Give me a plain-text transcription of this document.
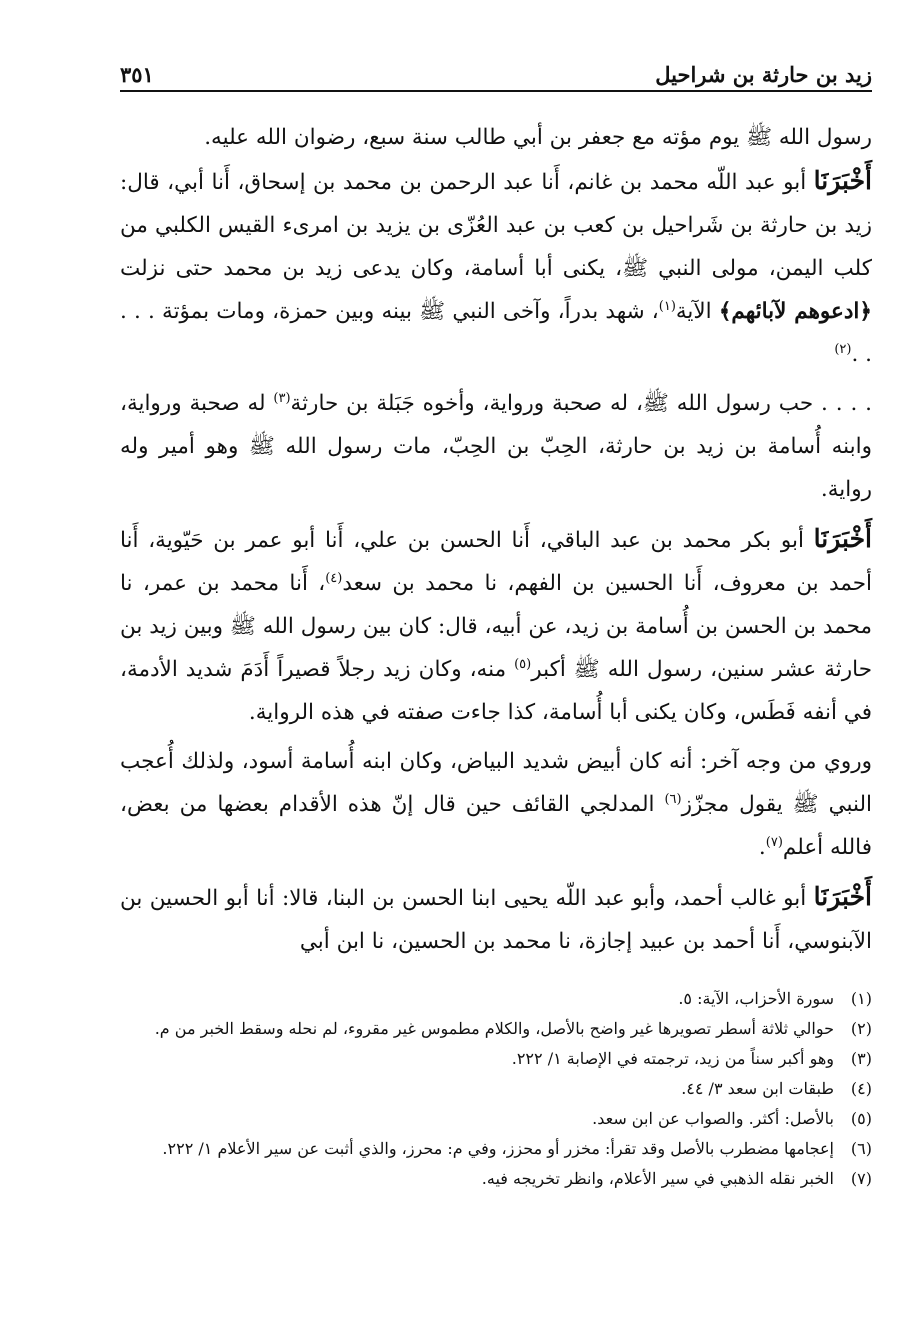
زيد بن حارثة بن شراحيل
٣٥١

رسول الله ﷺ يوم مؤته مع جعفر بن أبي طالب سنة سبع، رضوان الله عليه.

أَخْبَرَنَا أبو عبد اللّه محمد بن غانم، أَنا عبد الرحمن بن محمد بن إسحاق، أَنا أبي، قال: زيد بن حارثة بن شَراحيل بن كعب بن عبد العُزّى بن يزيد بن امرىء القيس الكلبي من كلب اليمن، مولى النبي ﷺ، يكنى أبا أسامة، وكان يدعى زيد بن محمد حتى نزلت ﴿ادعوهم لآبائهم﴾ الآية$^{(١)}$، شهد بدراً، وآخى النبي ﷺ بينه وبين حمزة، ومات بمؤتة . . . . .$^{(٢)}$

. . . . حب رسول الله ﷺ، له صحبة ورواية، وأخوه جَبَلة بن حارثة$^{(٣)}$ له صحبة ورواية، وابنه أُسامة بن زيد بن حارثة، الحِبّ بن الحِبّ، مات رسول الله ﷺ وهو أمير وله رواية.

أَخْبَرَنَا أبو بكر محمد بن عبد الباقي، أَنا الحسن بن علي، أَنا أبو عمر بن حَيّوية، أَنا أحمد بن معروف، أَنا الحسين بن الفهم، نا محمد بن سعد$^{(٤)}$، أَنا محمد بن عمر، نا محمد بن الحسن بن أُسامة بن زيد، عن أبيه، قال: كان بين رسول الله ﷺ وبين زيد بن حارثة عشر سنين، رسول الله ﷺ أكبر$^{(٥)}$ منه، وكان زيد رجلاً قصيراً أَدَمَ شديد الأدمة، في أنفه فَطَس، وكان يكنى أبا أُسامة، كذا جاءت صفته في هذه الرواية.

وروي من وجه آخر: أنه كان أبيض شديد البياض، وكان ابنه أُسامة أسود، ولذلك أُعجب النبي ﷺ يقول مجزّز$^{(٦)}$ المدلجي القائف حين قال إنّ هذه الأقدام بعضها من بعض، فالله أعلم$^{(٧)}$.

أَخْبَرَنَا أبو غالب أحمد، وأبو عبد اللّه يحيى ابنا الحسن بن البنا، قالا: أنا أبو الحسين بن الآبنوسي، أَنا أحمد بن عبيد إجازة، نا محمد بن الحسين، نا ابن أبي

(١)
سورة الأحزاب، الآية: ٥.
(٢)
حوالي ثلاثة أسطر تصويرها غير واضح بالأصل، والكلام مطموس غير مقروء، لم نحله وسقط الخبر من م.
(٣)
وهو أكبر سناً من زيد، ترجمته في الإصابة ١/ ٢٢٢.
(٤)
طبقات ابن سعد ٣/ ٤٤.
(٥)
بالأصل: أكثر. والصواب عن ابن سعد.
(٦)
إعجامها مضطرب بالأصل وقد تقرأ: مخزر أو محزز، وفي م: محرز، والذي أثبت عن سير الأعلام ١/ ٢٢٢.
(٧)
الخبر نقله الذهبي في سير الأعلام، وانظر تخريجه فيه.
